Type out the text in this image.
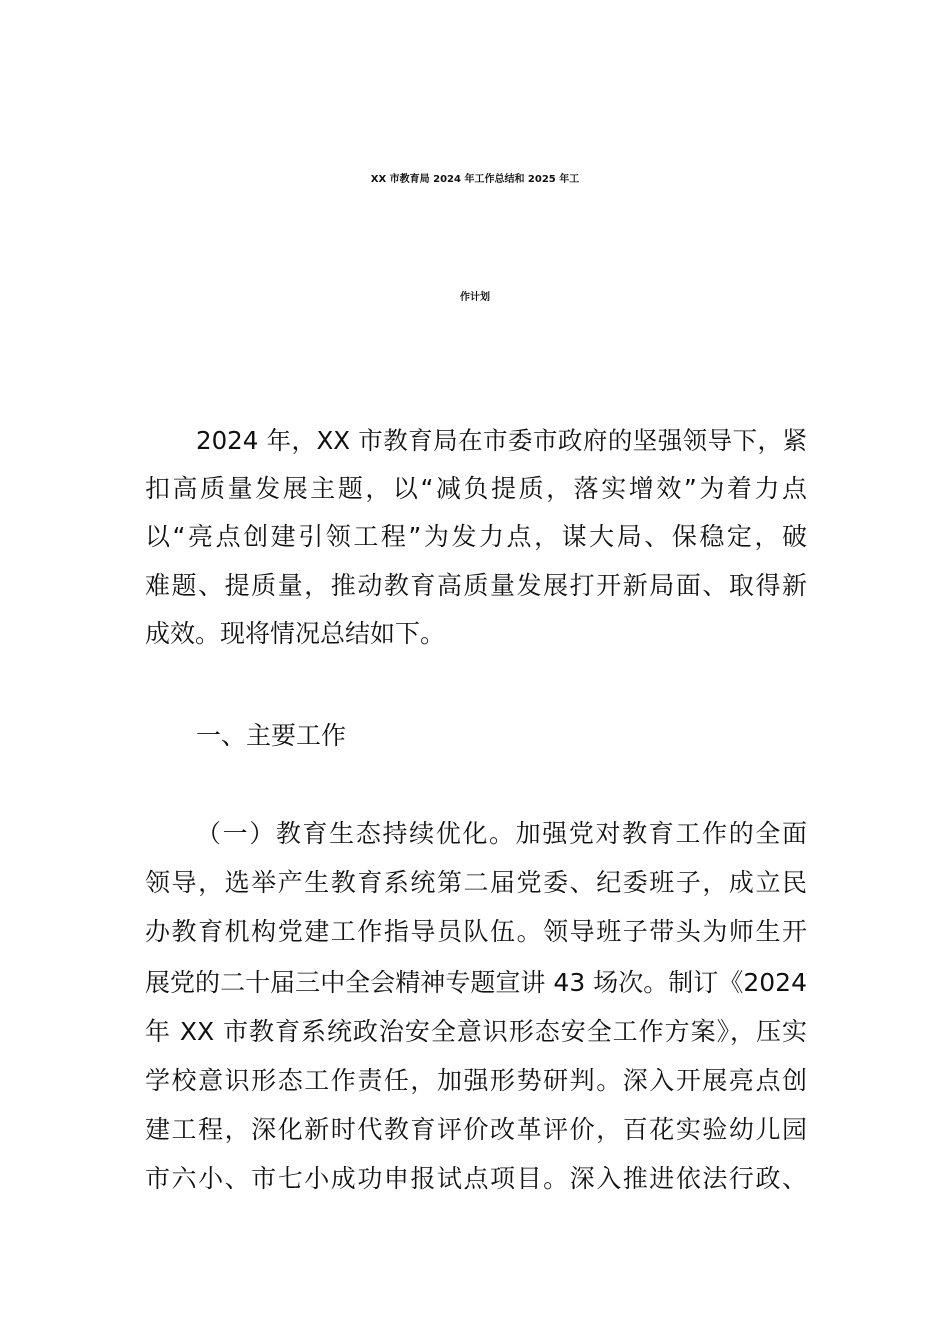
XX 市教育局 2024 年工作总结和 2025 年工
作计划
2024 年，XX 市教育局在市委市政府的坚强领导下，紧
扣高质量发展主题，以“减负提质，落实增效”为着力点
以“亮点创建引领工程”为发力点，谋大局、保稳定，破
难题、提质量，推动教育高质量发展打开新局面、取得新
成效。现将情况总结如下。
一、主要工作
（一）教育生态持续优化。加强党对教育工作的全面
领导，选举产生教育系统第二届党委、纪委班子，成立民
办教育机构党建工作指导员队伍。领导班子带头为师生开
展党的二十届三中全会精神专题宣讲 43 场次。制订《2024
年 XX 市教育系统政治安全意识形态安全工作方案》，压实
学校意识形态工作责任，加强形势研判。深入开展亮点创
建工程，深化新时代教育评价改革评价，百花实验幼儿园
市六小、市七小成功申报试点项目。深入推进依法行政、
